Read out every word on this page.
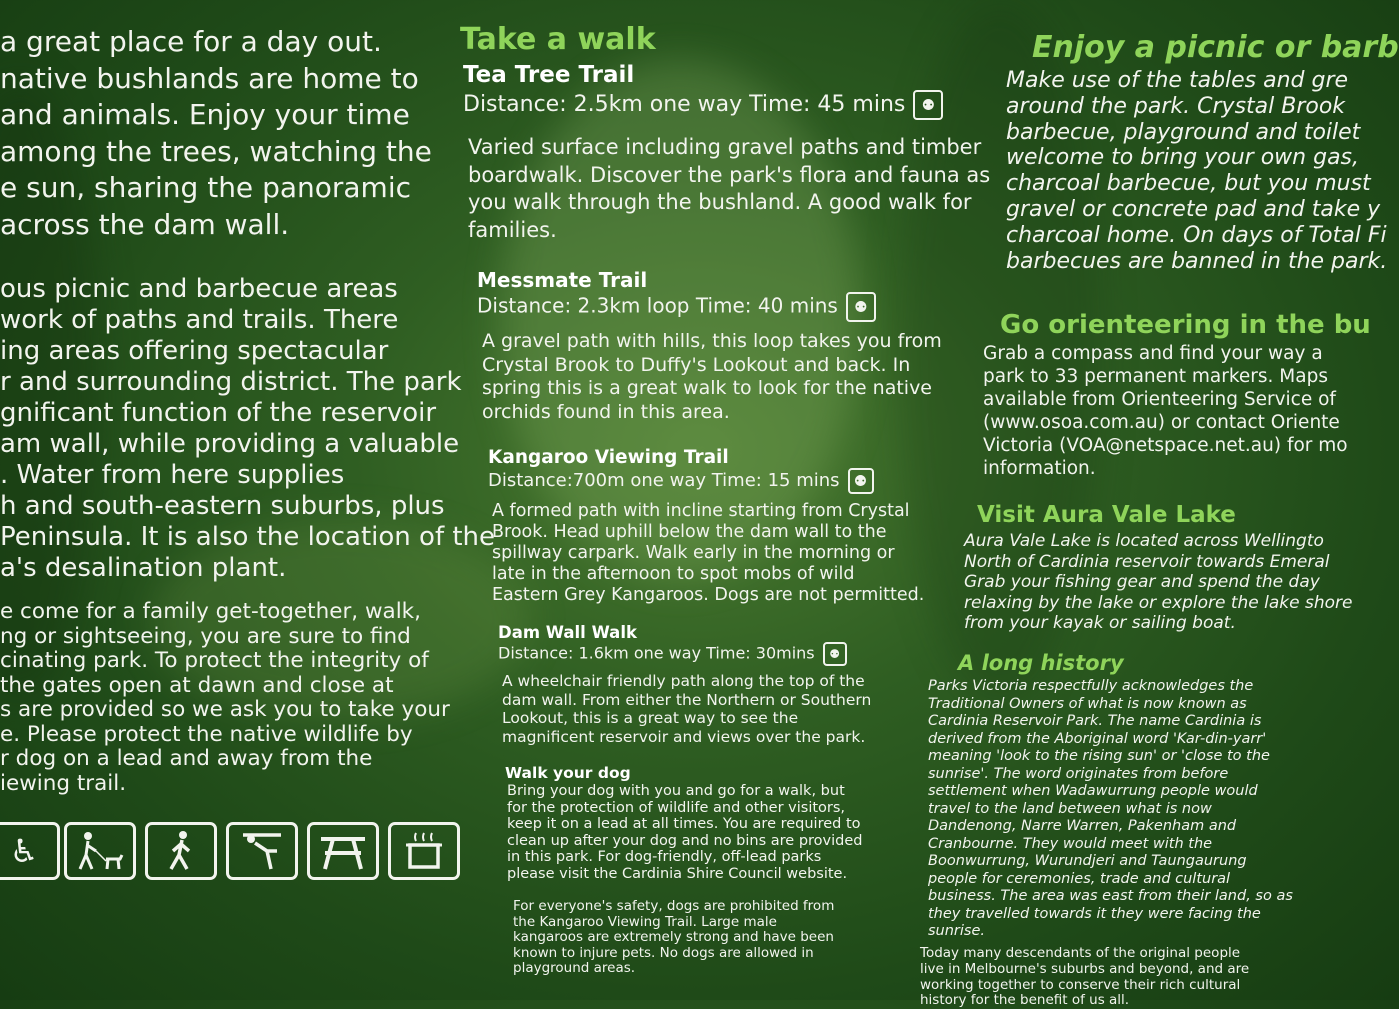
a great place for a day out.
native bushlands are home to
and animals. Enjoy your time
among the trees, watching the
e sun, sharing the panoramic
across the dam wall.
ous picnic and barbecue areas
work of paths and trails. There
ing areas offering spectacular
r and surrounding district. The park
gnificant function of the reservoir
am wall, while providing a valuable
. Water from here supplies
h and south-eastern suburbs, plus
Peninsula. It is also the location of the
a's desalination plant.
e come for a family get-together, walk,
ng or sightseeing, you are sure to find
cinating park. To protect the integrity of
the gates open at dawn and close at
s are provided so we ask you to take your
e. Please protect the native wildlife by
r dog on a lead and away from the
iewing trail.
♿
Take a walk
Tea Tree Trail
Distance: 2.5km one way Time: 45 mins ⚉
Varied surface including gravel paths and timber
boardwalk. Discover the park's flora and fauna as
you walk through the bushland. A good walk for
families.
Messmate Trail
Distance: 2.3km loop Time: 40 mins ⚉
A gravel path with hills, this loop takes you from
Crystal Brook to Duffy's Lookout and back. In
spring this is a great walk to look for the native
orchids found in this area.
Kangaroo Viewing Trail
Distance:700m one way Time: 15 mins ⚉
A formed path with incline starting from Crystal
Brook. Head uphill below the dam wall to the
spillway carpark. Walk early in the morning or
late in the afternoon to spot mobs of wild
Eastern Grey Kangaroos. Dogs are not permitted.
Dam Wall Walk
Distance: 1.6km one way Time: 30mins ⚉
A wheelchair friendly path along the top of the
dam wall. From either the Northern or Southern
Lookout, this is a great way to see the
magnificent reservoir and views over the park.
Walk your dog
Bring your dog with you and go for a walk, but
for the protection of wildlife and other visitors,
keep it on a lead at all times. You are required to
clean up after your dog and no bins are provided
in this park. For dog-friendly, off-lead parks
please visit the Cardinia Shire Council website.
For everyone's safety, dogs are prohibited from
the Kangaroo Viewing Trail. Large male
kangaroos are extremely strong and have been
known to injure pets. No dogs are allowed in
playground areas.
Enjoy a picnic or barb
Make use of the tables and gre
around the park. Crystal Brook
barbecue, playground and toilet
welcome to bring your own gas,
charcoal barbecue, but you must
gravel or concrete pad and take y
charcoal home. On days of Total Fi
barbecues are banned in the park.
Go orienteering in the bu
Grab a compass and find your way a
park to 33 permanent markers. Maps
available from Orienteering Service of
(www.osoa.com.au) or contact Oriente
Victoria (VOA@netspace.net.au) for mo
information.
Visit Aura Vale Lake
Aura Vale Lake is located across Wellingto
North of Cardinia reservoir towards Emeral
Grab your fishing gear and spend the day
relaxing by the lake or explore the lake shore
from your kayak or sailing boat.
A long history
Parks Victoria respectfully acknowledges the
Traditional Owners of what is now known as
Cardinia Reservoir Park. The name Cardinia is
derived from the Aboriginal word 'Kar-din-yarr'
meaning 'look to the rising sun' or 'close to the
sunrise'. The word originates from before
settlement when Wadawurrung people would
travel to the land between what is now
Dandenong, Narre Warren, Pakenham and
Cranbourne. They would meet with the
Boonwurrung, Wurundjeri and Taungaurung
people for ceremonies, trade and cultural
business. The area was east from their land, so as
they travelled towards it they were facing the
sunrise.
Today many descendants of the original people
live in Melbourne's suburbs and beyond, and are
working together to conserve their rich cultural
history for the benefit of us all.
